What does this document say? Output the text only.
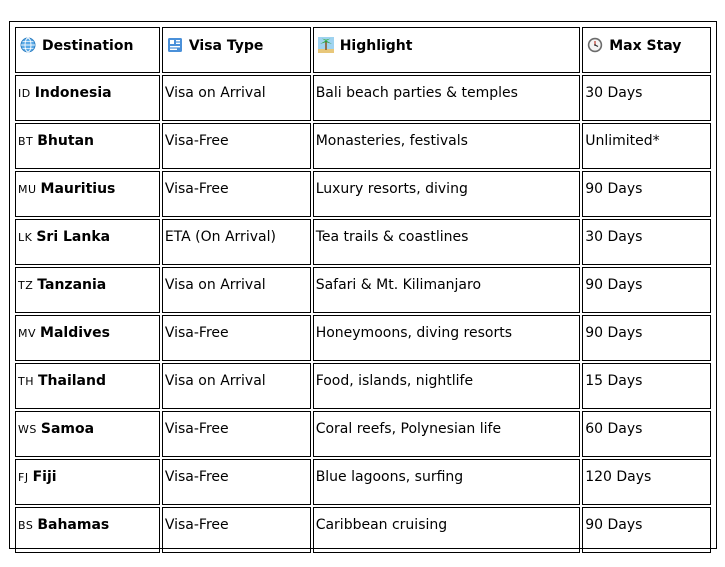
Destination	Visa Type	Highlight	Max Stay

ID Indonesia	Visa on Arrival	Bali beach parties & temples	30 Days

BT Bhutan	Visa-Free	Monasteries, festivals	Unlimited*

MU Mauritius	Visa-Free	Luxury resorts, diving	90 Days

LK Sri Lanka	ETA (On Arrival)	Tea trails & coastlines	30 Days

TZ Tanzania	Visa on Arrival	Safari & Mt. Kilimanjaro	90 Days

MV Maldives	Visa-Free	Honeymoons, diving resorts	90 Days

TH Thailand	Visa on Arrival	Food, islands, nightlife	15 Days

WS Samoa	Visa-Free	Coral reefs, Polynesian life	60 Days

FJ Fiji	Visa-Free	Blue lagoons, surfing	120 Days

BS Bahamas	Visa-Free	Caribbean cruising	90 Days
